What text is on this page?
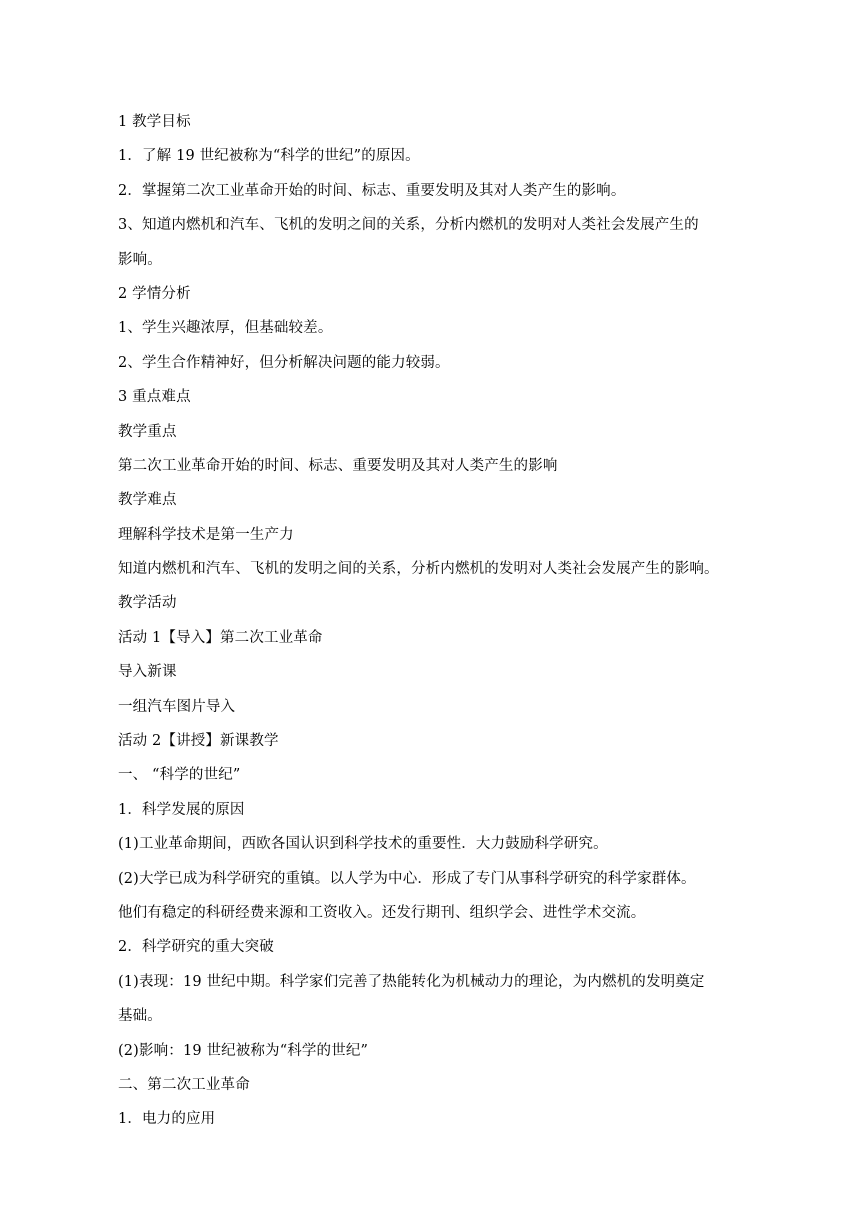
1 教学目标
1．了解 19 世纪被称为“科学的世纪”的原因。
2．掌握第二次工业革命开始的时间、标志、重要发明及其对人类产生的影响。
3、知道内燃机和汽车、飞机的发明之间的关系，分析内燃机的发明对人类社会发展产生的
影响。
2 学情分析
1、学生兴趣浓厚，但基础较差。
2、学生合作精神好，但分析解决问题的能力较弱。
3 重点难点
教学重点
第二次工业革命开始的时间、标志、重要发明及其对人类产生的影响
教学难点
理解科学技术是第一生产力
知道内燃机和汽车、飞机的发明之间的关系，分析内燃机的发明对人类社会发展产生的影响。
教学活动
活动 1【导入】第二次工业革命
导入新课
一组汽车图片导入
活动 2【讲授】新课教学
一、 “科学的世纪”
1．科学发展的原因
(1)工业革命期间，西欧各国认识到科学技术的重要性．大力鼓励科学研究。
(2)大学已成为科学研究的重镇。以人学为中心．形成了专门从事科学研究的科学家群体。
他们有稳定的科研经费来源和工资收入。还发行期刊、组织学会、进性学术交流。
2．科学研究的重大突破
(1)表现：19 世纪中期。科学家们完善了热能转化为机械动力的理论，为内燃机的发明奠定
基础。
(2)影响：19 世纪被称为“科学的世纪”
二、第二次工业革命
1．电力的应用
